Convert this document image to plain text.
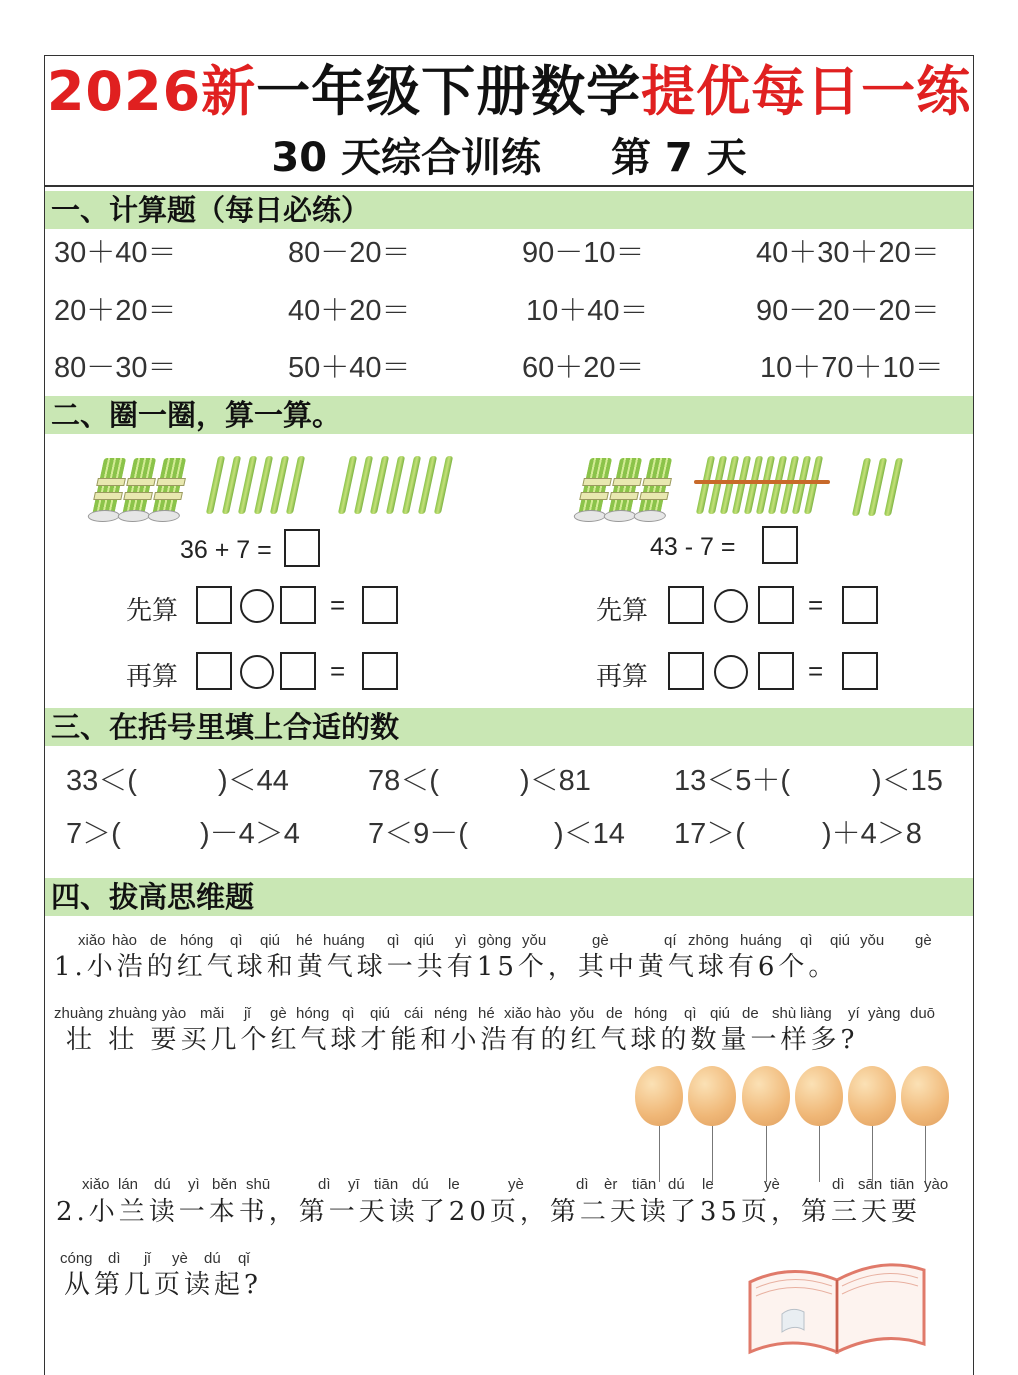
2026新一年级下册数学提优每日一练
30 天综合训练 第 7 天
一、计算题（每日必练）
30＋40＝	80－20＝	90－10＝	40＋30＋20＝
20＋20＝	40＋20＝	10＋40＝	90－20－20＝
80－30＝	50＋40＝	60＋20＝	10＋70＋10＝
二、圈一圈，算一算。
36 + 7 =
先算	=
再算	=
43 - 7 =
先算	=
再算	=
三、在括号里填上合适的数
33＜(	)＜44	78＜(	)＜81	13＜5＋(	)＜15
7＞(	)－4＞4 7＜9－(	)＜14 17＞(	)＋4＞8
四、拔高思维题
xiǎo hào de hóng qì qiú hé huáng qì qiú yì gòng yǒu	gè	qí zhōng huáng qì qiú yǒu gè
1.小浩的红气球和黄气球一共有15个，其中黄气球有6个。
zhuàng zhuàng yào mǎi jǐ gè hóng qì qiú cái néng hé xiǎo hào yǒu de hóng qì qiú de shù liàng yí yàng duō
壮 壮 要买几个红气球才能和小浩有的红气球的数量一样多?
xiǎo lán dú yì běn shū	dì yī tiān dú le	yè	dì èr tiān dú le	yè	dì sān tiān yào
2.小兰读一本书，第一天读了20页，第二天读了35页，第三天要
cóng dì jǐ yè dú qǐ
从第几页读起?
